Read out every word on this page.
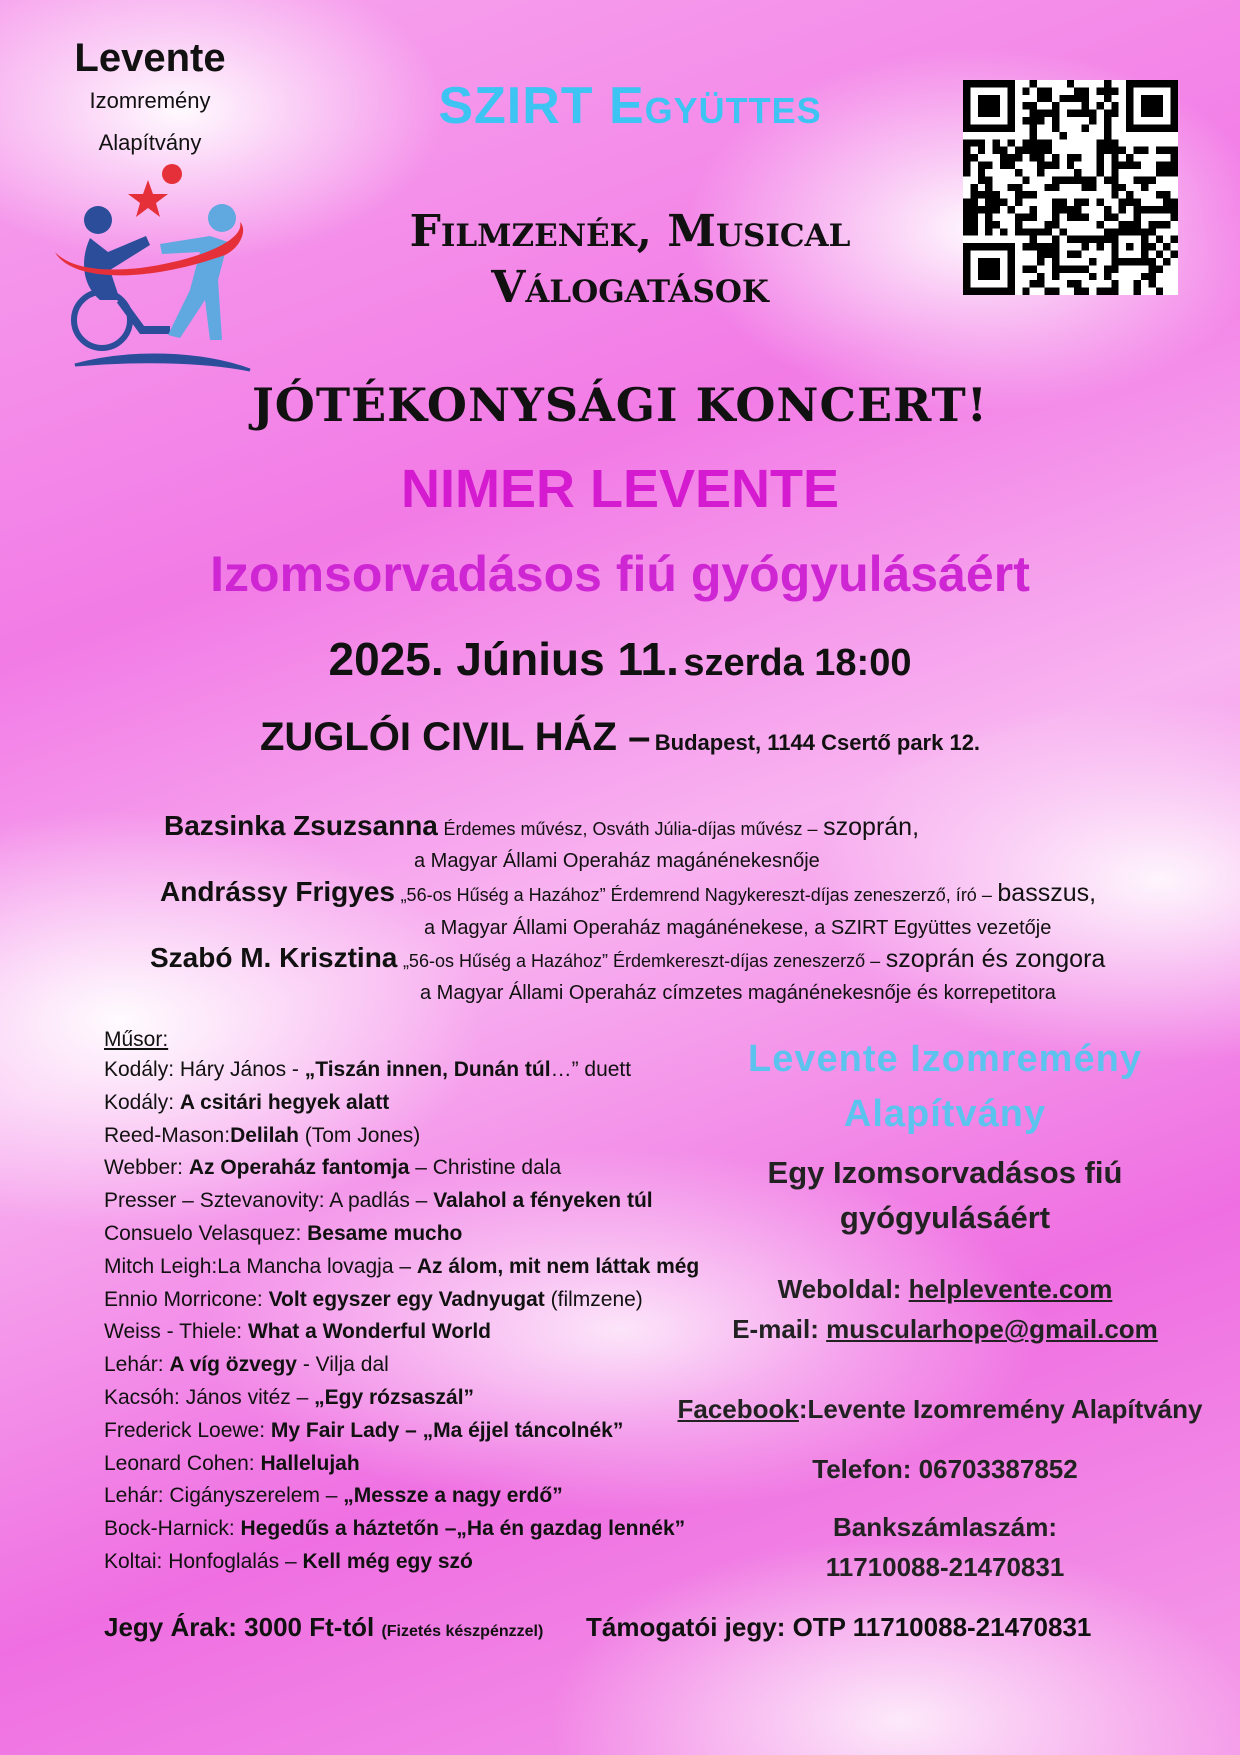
Levente
Izomremény
Alapítvány
SZIRT Együttes
Filmzenék, Musical
Válogatások
JÓTÉKONYSÁGI KONCERT!
NIMER LEVENTE
Izomsorvadásos fiú gyógyulásáért
2025. Június 11. szerda 18:00
ZUGLÓI CIVIL HÁZ – Budapest, 1144 Csertő park 12.
Bazsinka Zsuzsanna Érdemes művész, Osváth Júlia-díjas művész – szoprán,
a Magyar Állami Operaház magánénekesnője
Andrássy Frigyes „56-os Hűség a Hazához” Érdemrend Nagykereszt-díjas zeneszerző, író – basszus,
a Magyar Állami Operaház magánénekese, a SZIRT Együttes vezetője
Szabó M. Krisztina „56-os Hűség a Hazához” Érdemkereszt-díjas zeneszerző – szoprán és zongora
a Magyar Állami Operaház címzetes magánénekesnője és korrepetitora
Műsor:
Kodály: Háry János - „Tiszán innen, Dunán túl…” duett
Kodály: A csitári hegyek alatt
Reed-Mason:Delilah (Tom Jones)
Webber: Az Operaház fantomja – Christine dala
Presser – Sztevanovity: A padlás – Valahol a fényeken túl
Consuelo Velasquez: Besame mucho
Mitch Leigh:La Mancha lovagja – Az álom, mit nem láttak még
Ennio Morricone: Volt egyszer egy Vadnyugat (filmzene)
Weiss - Thiele: What a Wonderful World
Lehár: A víg özvegy - Vilja dal
Kacsóh: János vitéz – „Egy rózsaszál”
Frederick Loewe: My Fair Lady – „Ma éjjel táncolnék”
Leonard Cohen: Hallelujah
Lehár: Cigányszerelem – „Messze a nagy erdő”
Bock-Harnick: Hegedűs a háztetőn –„Ha én gazdag lennék”
Koltai: Honfoglalás – Kell még egy szó
Levente Izomremény
Alapítvány
Egy Izomsorvadásos fiú
gyógyulásáért
Weboldal: helplevente.com
E-mail: muscularhope@gmail.com
Facebook:Levente Izomremény Alapítvány
Telefon: 06703387852
Bankszámlaszám:
11710088-21470831
Jegy Árak: 3000 Ft-tól (Fizetés készpénzzel) Támogatói jegy: OTP 11710088-21470831
